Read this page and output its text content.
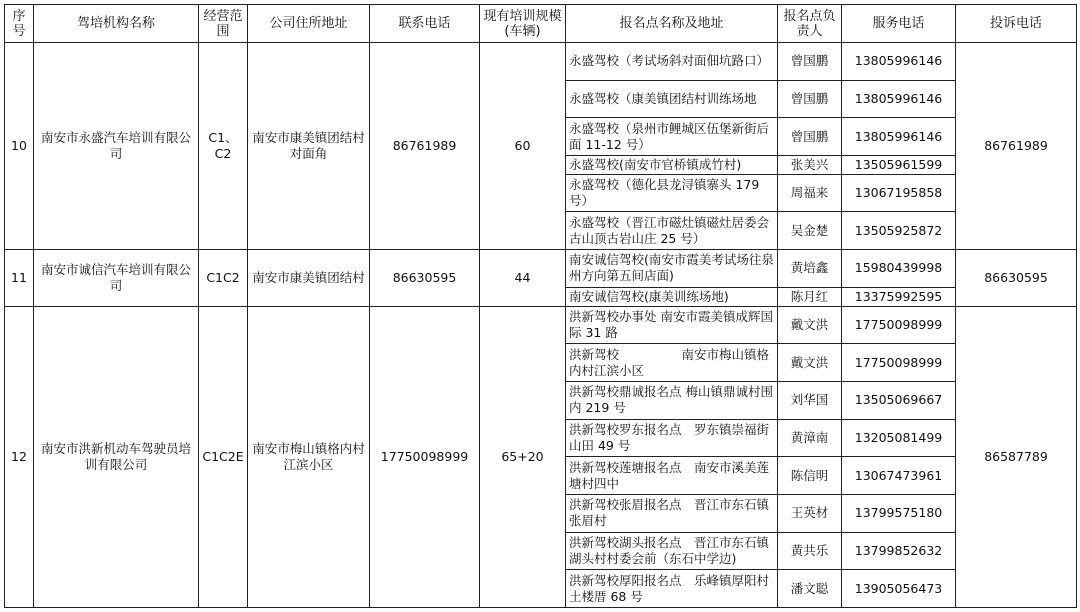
序号	驾培机构名称	经营范围	公司住所地址	联系电话	现有培训规模(车辆)	报名点名称及地址	报名点负责人	服务电话	投诉电话
10	南安市永盛汽车培训有限公司	C1、C2	南安市康美镇团结村对面角	86761989	60	永盛驾校（考试场斜对面佃坑路口）	曾国鹏	13805996146	86761989
						永盛驾校（康美镇团结村训练场地	曾国鹏	13805996146	
						永盛驾校（泉州市鲤城区伍堡新街后面 11-12 号）	曾国鹏	13805996146	
						永盛驾校(南安市官桥镇成竹村)	张美兴	13505961599	
						永盛驾校（德化县龙浔镇寨头 179 号）	周福来	13067195858	
						永盛驾校（晋江市磁灶镇磁灶居委会古山顶古岩山庄 25 号）	吴金楚	13505925872	
11	南安市诚信汽车培训有限公司	C1C2	南安市康美镇团结村	86630595	44	南安诚信驾校(南安市霞美考试场往泉州方向第五间店面)	黄培鑫	15980439998	86630595
						南安诚信驾校(康美训练场地)	陈月红	13375992595	
12	南安市洪新机动车驾驶员培训有限公司	C1C2E	南安市梅山镇格内村江滨小区	17750098999	65+20	洪新驾校办事处 南安市霞美镇成辉国际 31 路	戴文洪	17750098999	86587789
						洪新驾校　　　　　南安市梅山镇格内村江滨小区	戴文洪	17750098999	
						洪新驾校鼎诚报名点 梅山镇鼎诚村围内 219 号	刘华国	13505069667	
						洪新驾校罗东报名点　罗东镇崇福街山田 49 号	黄漳南	13205081499	
						洪新驾校莲塘报名点　南安市溪美莲塘村四中	陈信明	13067473961	
						洪新驾校张眉报名点　晋江市东石镇张眉村	王英材	13799575180	
						洪新驾校湖头报名点　晋江市东石镇湖头村村委会前（东石中学边)	黄共乐	13799852632	
						洪新驾校厚阳报名点　乐峰镇厚阳村土楼厝 68 号	潘文聪	13905056473	
